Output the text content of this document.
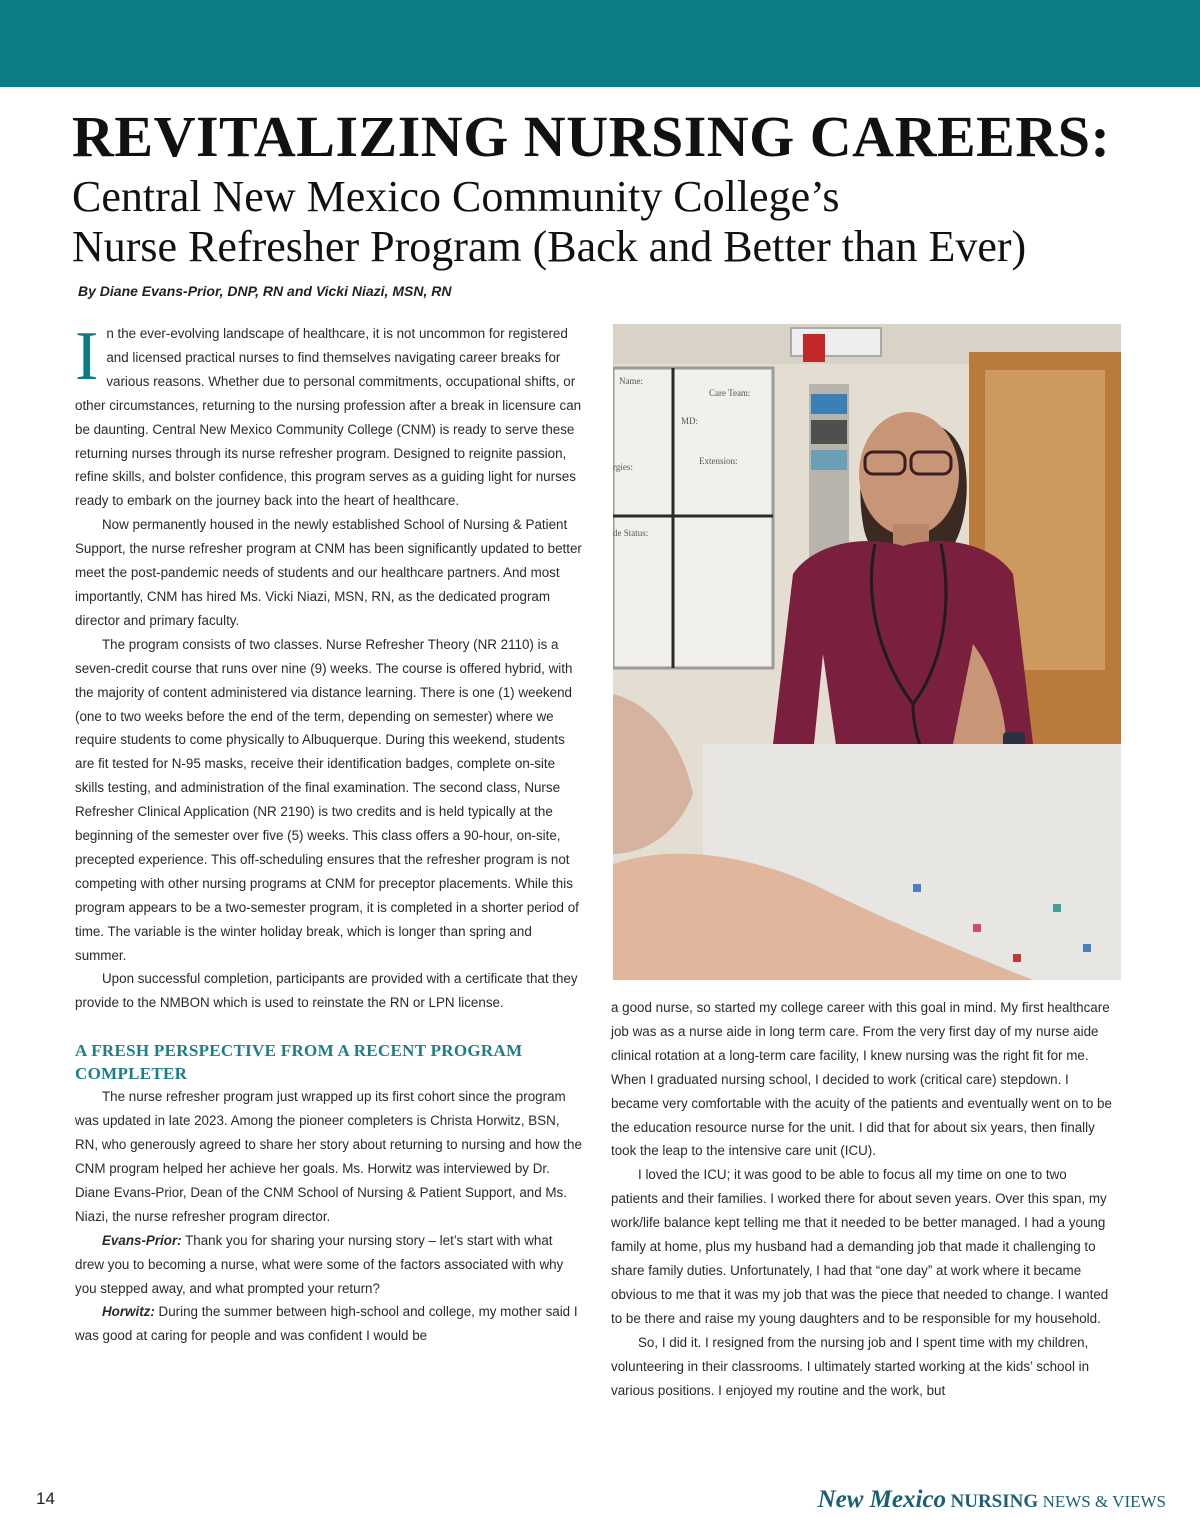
REVITALIZING NURSING CAREERS:
Central New Mexico Community College’s
Nurse Refresher Program (Back and Better than Ever)
By Diane Evans-Prior, DNP, RN and Vicki Niazi, MSN, RN

In the ever-evolving landscape of healthcare, it is not uncommon for registered and licensed practical nurses to find themselves navigating career breaks for various reasons. Whether due to personal commitments, occupational shifts, or other circumstances, returning to the nursing profession after a break in licensure can be daunting. Central New Mexico Community College (CNM) is ready to serve these returning nurses through its nurse refresher program. Designed to reignite passion, refine skills, and bolster confidence, this program serves as a guiding light for nurses ready to embark on the journey back into the heart of healthcare.

Now permanently housed in the newly established School of Nursing & Patient Support, the nurse refresher program at CNM has been significantly updated to better meet the post-pandemic needs of students and our healthcare partners. And most importantly, CNM has hired Ms. Vicki Niazi, MSN, RN, as the dedicated program director and primary faculty.

The program consists of two classes. Nurse Refresher Theory (NR 2110) is a seven-credit course that runs over nine (9) weeks. The course is offered hybrid, with the majority of content administered via distance learning. There is one (1) weekend (one to two weeks before the end of the term, depending on semester) where we require students to come physically to Albuquerque. During this weekend, students are fit tested for N-95 masks, receive their identification badges, complete on-site skills testing, and administration of the final examination. The second class, Nurse Refresher Clinical Application (NR 2190) is two credits and is held typically at the beginning of the semester over five (5) weeks. This class offers a 90-hour, on-site, precepted experience. This off-scheduling ensures that the refresher program is not competing with other nursing programs at CNM for preceptor placements. While this program appears to be a two-semester program, it is completed in a shorter period of time. The variable is the winter holiday break, which is longer than spring and summer.

Upon successful completion, participants are provided with a certificate that they provide to the NMBON which is used to reinstate the RN or LPN license.

A FRESH PERSPECTIVE FROM A RECENT PROGRAM COMPLETER

The nurse refresher program just wrapped up its first cohort since the program was updated in late 2023. Among the pioneer completers is Christa Horwitz, BSN, RN, who generously agreed to share her story about returning to nursing and how the CNM program helped her achieve her goals. Ms. Horwitz was interviewed by Dr. Diane Evans-Prior, Dean of the CNM School of Nursing & Patient Support, and Ms. Niazi, the nurse refresher program director.

Evans-Prior: Thank you for sharing your nursing story – let’s start with what drew you to becoming a nurse, what were some of the factors associated with why you stepped away, and what prompted your return?

Horwitz: During the summer between high-school and college, my mother said I was good at caring for people and was confident I would be

Name:
Care Team:
MD:
Extension:
rgies:
de Status:

a good nurse, so started my college career with this goal in mind. My first healthcare job was as a nurse aide in long term care. From the very first day of my nurse aide clinical rotation at a long-term care facility, I knew nursing was the right fit for me. When I graduated nursing school, I decided to work (critical care) stepdown. I became very comfortable with the acuity of the patients and eventually went on to be the education resource nurse for the unit. I did that for about six years, then finally took the leap to the intensive care unit (ICU).

I loved the ICU; it was good to be able to focus all my time on one to two patients and their families. I worked there for about seven years. Over this span, my work/life balance kept telling me that it needed to be better managed. I had a young family at home, plus my husband had a demanding job that made it challenging to share family duties. Unfortunately, I had that “one day” at work where it became obvious to me that it was my job that was the piece that needed to change. I wanted to be there and raise my young daughters and to be responsible for my household.

So, I did it. I resigned from the nursing job and I spent time with my children, volunteering in their classrooms. I ultimately started working at the kids’ school in various positions. I enjoyed my routine and the work, but

14	New Mexico NURSING NEWS & VIEWS
